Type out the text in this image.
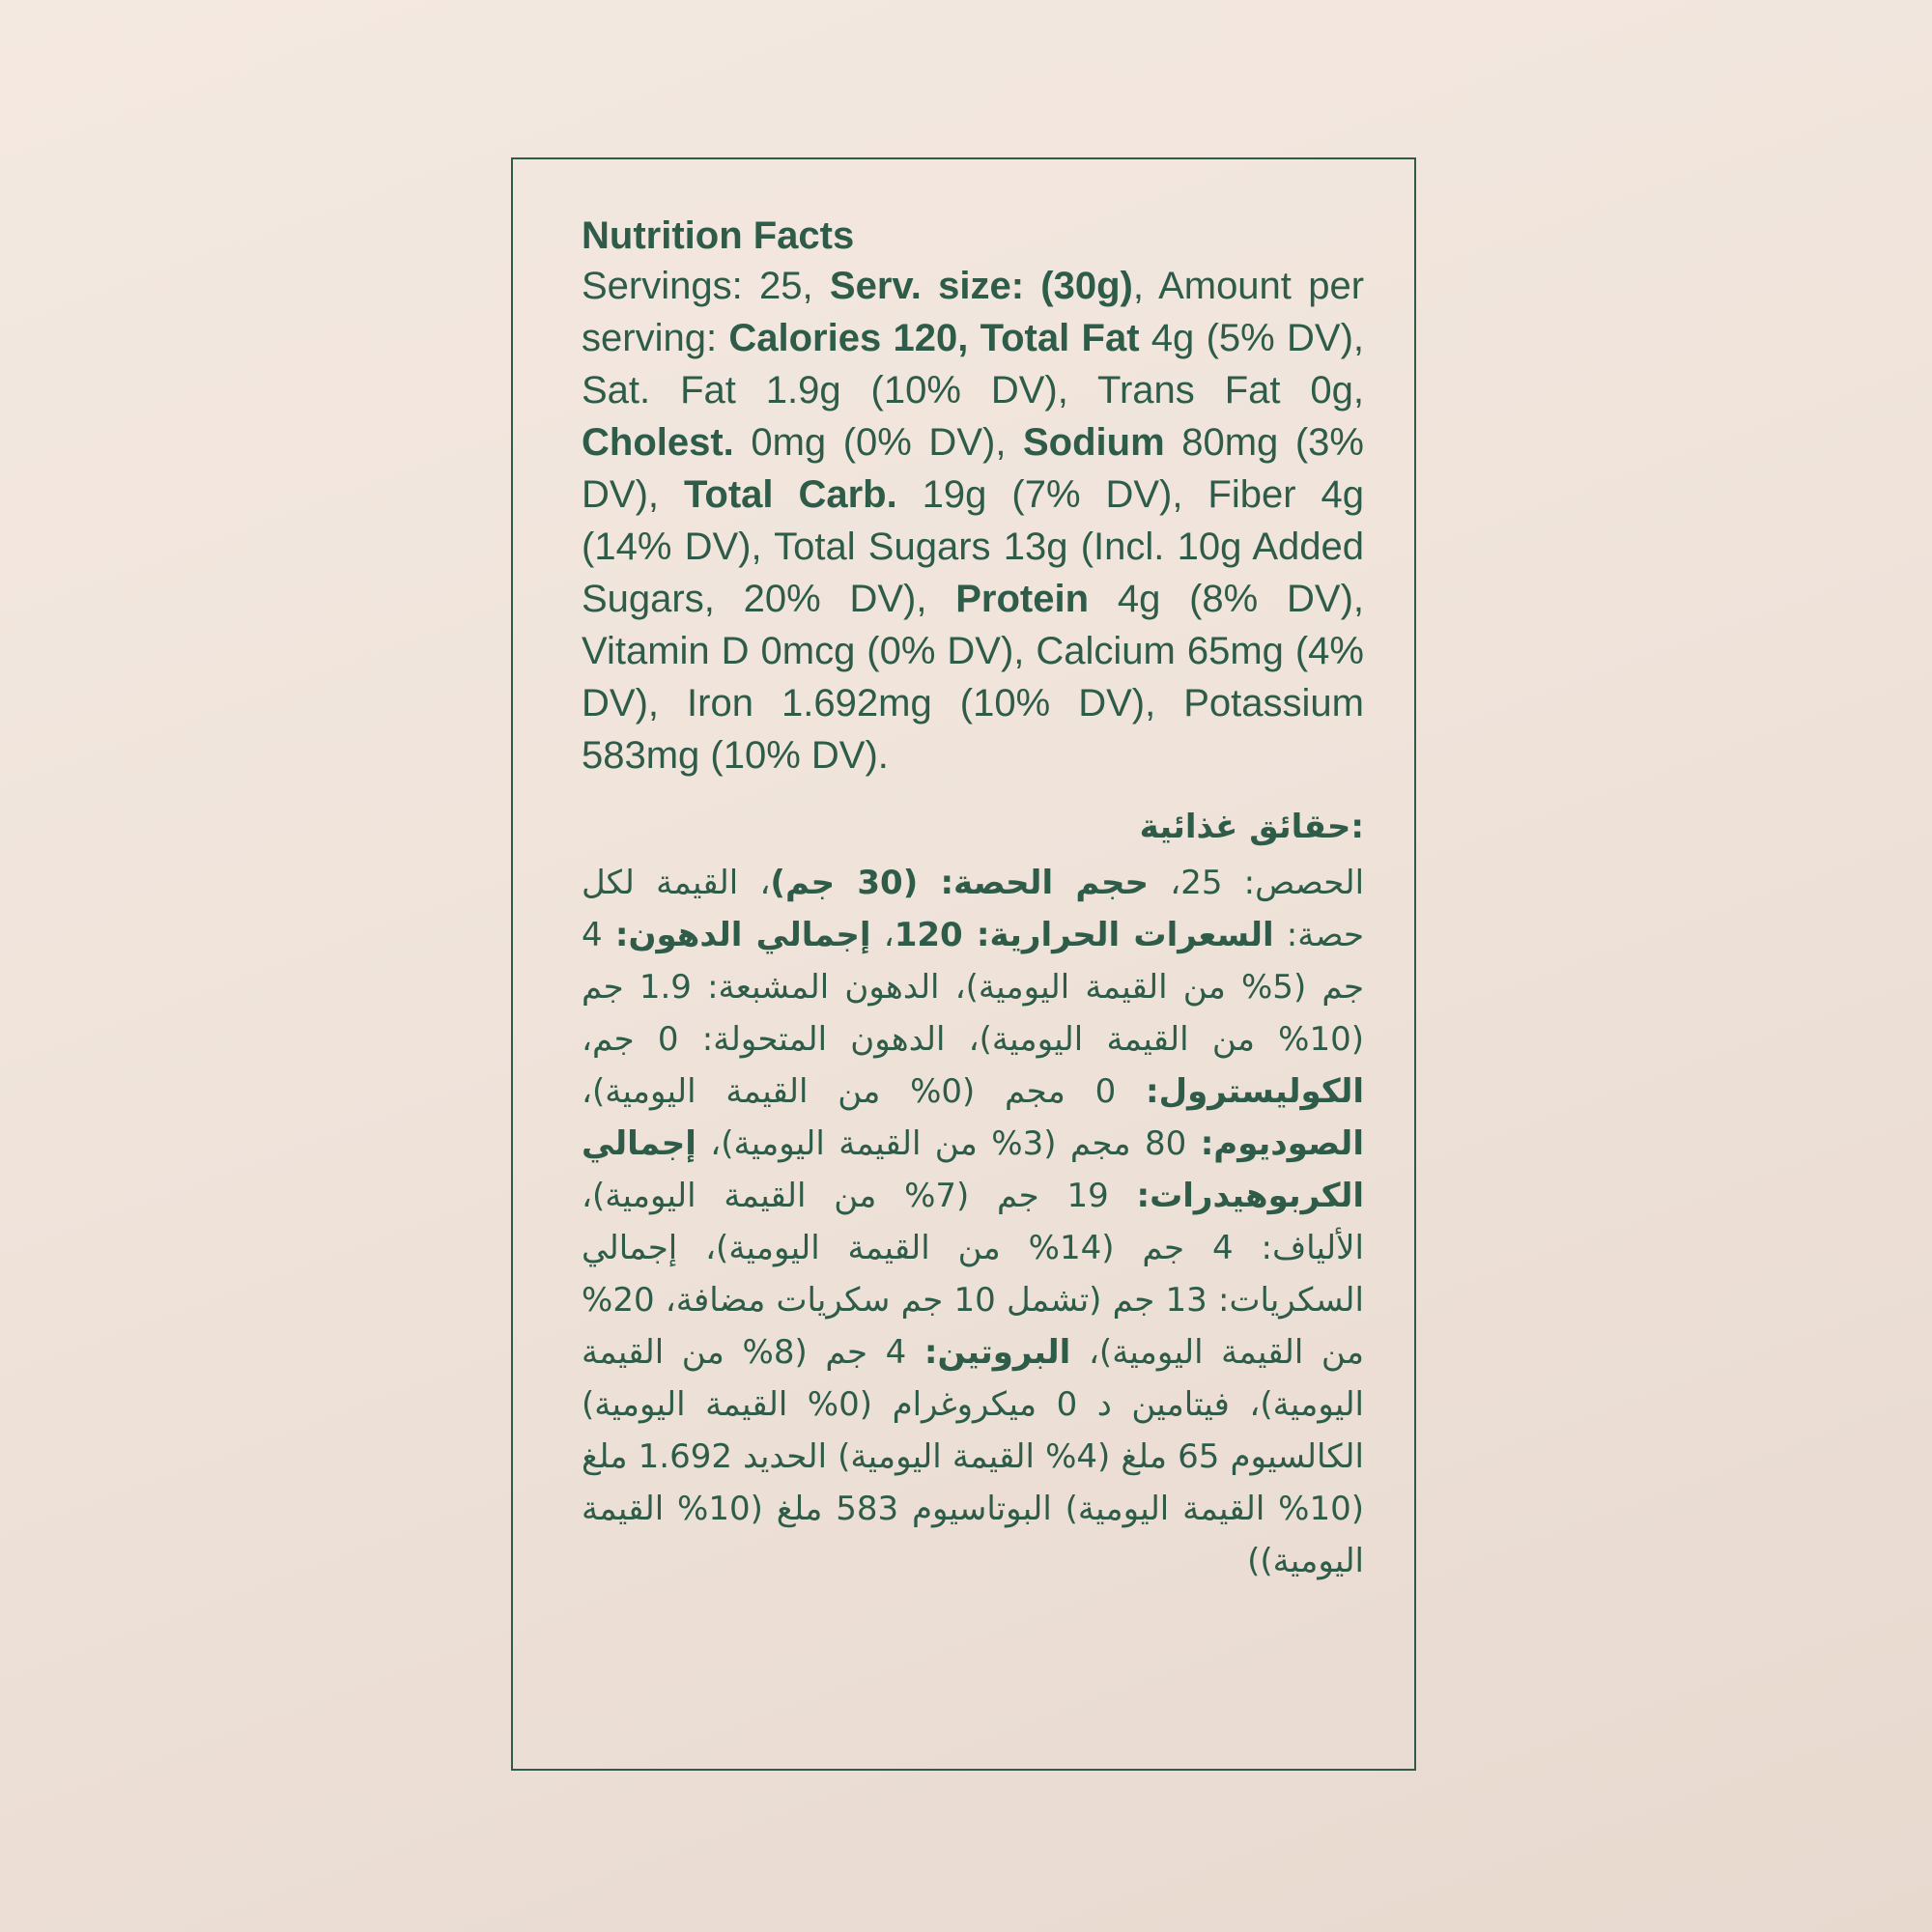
Nutrition Facts

Servings: 25, Serv. size: (30g), Amount per serving: Calories 120, Total Fat 4g (5% DV), Sat. Fat 1.9g (10% DV), Trans Fat 0g, Cholest. 0mg (0% DV), Sodium 80mg (3% DV), Total Carb. 19g (7% DV), Fiber 4g (14% DV), Total Sugars 13g (Incl. 10g Added Sugars, 20% DV), Protein 4g (8% DV), Vitamin D 0mcg (0% DV), Calcium 65mg (4% DV), Iron 1.692mg (10% DV), Potassium 583mg (10% DV).

:حقائق غذائية

الحصص: 25، حجم الحصة: (30 جم)، القيمة لكل حصة: السعرات الحرارية: 120، إجمالي الدهون: 4 جم (5% من القيمة اليومية)، الدهون المشبعة: 1.9 جم (10% من القيمة اليومية)، الدهون المتحولة: 0 جم، الكوليسترول: 0 مجم (0% من القيمة اليومية)، الصوديوم: 80 مجم (3% من القيمة اليومية)، إجمالي الكربوهيدرات: 19 جم (7% من القيمة اليومية)، الألياف: 4 جم (14% من القيمة اليومية)، إجمالي السكريات: 13 جم (تشمل 10 جم سكريات مضافة، 20% من القيمة اليومية)، البروتين: 4 جم (8% من القيمة اليومية)، فيتامين د 0 ميكروغرام (0% القيمة اليومية) الكالسيوم 65 ملغ (4% القيمة اليومية) الحديد 1.692 ملغ (10% القيمة اليومية) البوتاسيوم 583 ملغ (10% القيمة اليومية))
